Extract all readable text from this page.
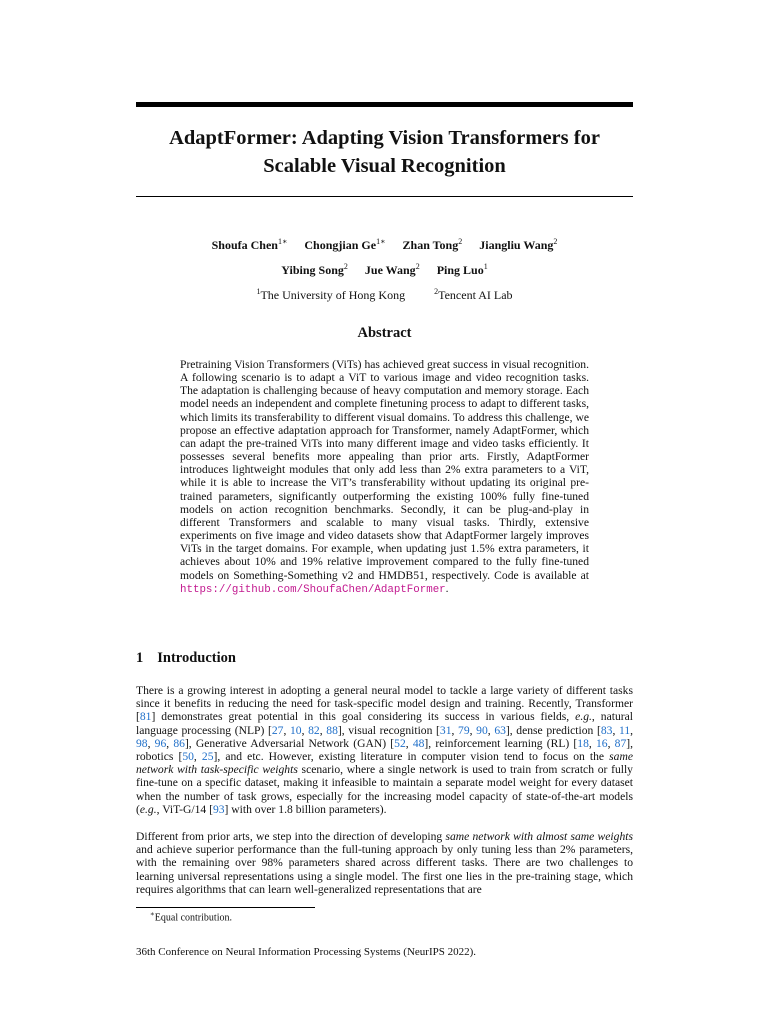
AdaptFormer: Adapting Vision Transformers for
Scalable Visual Recognition
Shoufa Chen$^{1∗}$ Chongjian $Ge^{1∗}$ Zhan Tong$^2$ Jiangliu Wang$^2$
Yibing Song$^2$ Jue Wang$^2$ Ping Luo$^1$
$^1$The University of Hong Kong	$^2$Tencent AI Lab
Abstract

Pretraining Vision Transformers (ViTs) has achieved great success in visual recognition. A following scenario is to adapt a ViT to various image and video recognition tasks. The adaptation is challenging because of heavy computation and memory storage. Each model needs an independent and complete finetuning process to adapt to different tasks, which limits its transferability to different visual domains. To address this challenge, we propose an effective adaptation approach for Transformer, namely AdaptFormer, which can adapt the pre-trained ViTs into many different image and video tasks efficiently. It possesses several benefits more appealing than prior arts. Firstly, AdaptFormer introduces lightweight modules that only add less than 2% extra parameters to a ViT, while it is able to increase the ViT’s transferability without updating its original pre-trained parameters, significantly outperforming the existing 100% fully fine-tuned models on action recognition benchmarks. Secondly, it can be plug-and-play in different Transformers and scalable to many visual tasks. Thirdly, extensive experiments on five image and video datasets show that AdaptFormer largely improves ViTs in the target domains. For example, when updating just 1.5% extra parameters, it achieves about 10% and 19% relative improvement compared to the fully fine-tuned models on Something-Something v2 and HMDB51, respectively. Code is available at https://github.com/ShoufaChen/AdaptFormer.

1 Introduction

There is a growing interest in adopting a general neural model to tackle a large variety of different tasks since it benefits in reducing the need for task-specific model design and training. Recently, Transformer [81] demonstrates great potential in this goal considering its success in various fields, e.g., natural language processing (NLP) [27, 10, 82, 88], visual recognition [31, 79, 90, 63], dense prediction [83, 11, 98, 96, 86], Generative Adversarial Network (GAN) [52, 48], reinforcement learning (RL) [18, 16, 87], robotics [50, 25], and etc. However, existing literature in computer vision tend to focus on the same network with task-specific weights scenario, where a single network is used to train from scratch or fully fine-tune on a specific dataset, making it infeasible to maintain a separate model weight for every dataset when the number of task grows, especially for the increasing model capacity of state-of-the-art models (e.g., ViT-G/14 [93] with over 1.8 billion parameters).

Different from prior arts, we step into the direction of developing same network with almost same weights and achieve superior performance than the full-tuning approach by only tuning less than 2% parameters, with the remaining over 98% parameters shared across different tasks. There are two challenges to learning universal representations using a single model. The first one lies in the pre-training stage, which requires algorithms that can learn well-generalized representations that are

∗Equal contribution.

36th Conference on Neural Information Processing Systems (NeurIPS 2022).
